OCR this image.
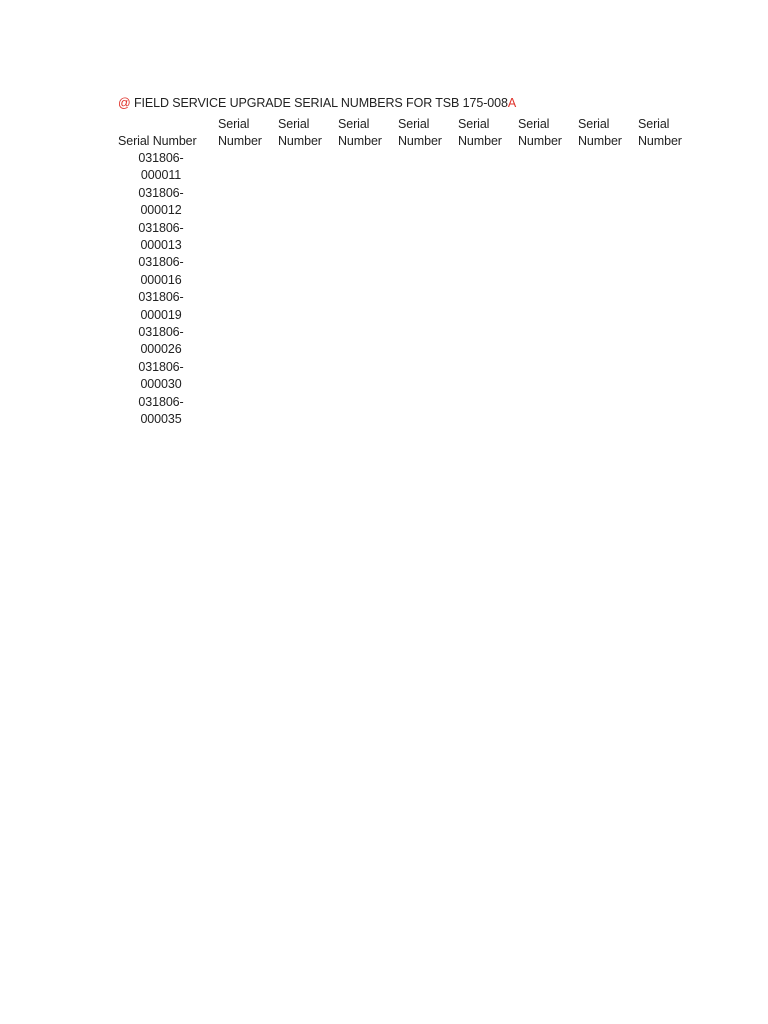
@ FIELD SERVICE UPGRADE SERIAL NUMBERS FOR TSB 175-008A
Serial Number
Serial
Number
Serial
Number
Serial
Number
Serial
Number
Serial
Number
Serial
Number
Serial
Number
Serial
Number
031806-
000011
031806-
000012
031806-
000013
031806-
000016
031806-
000019
031806-
000026
031806-
000030
031806-
000035
